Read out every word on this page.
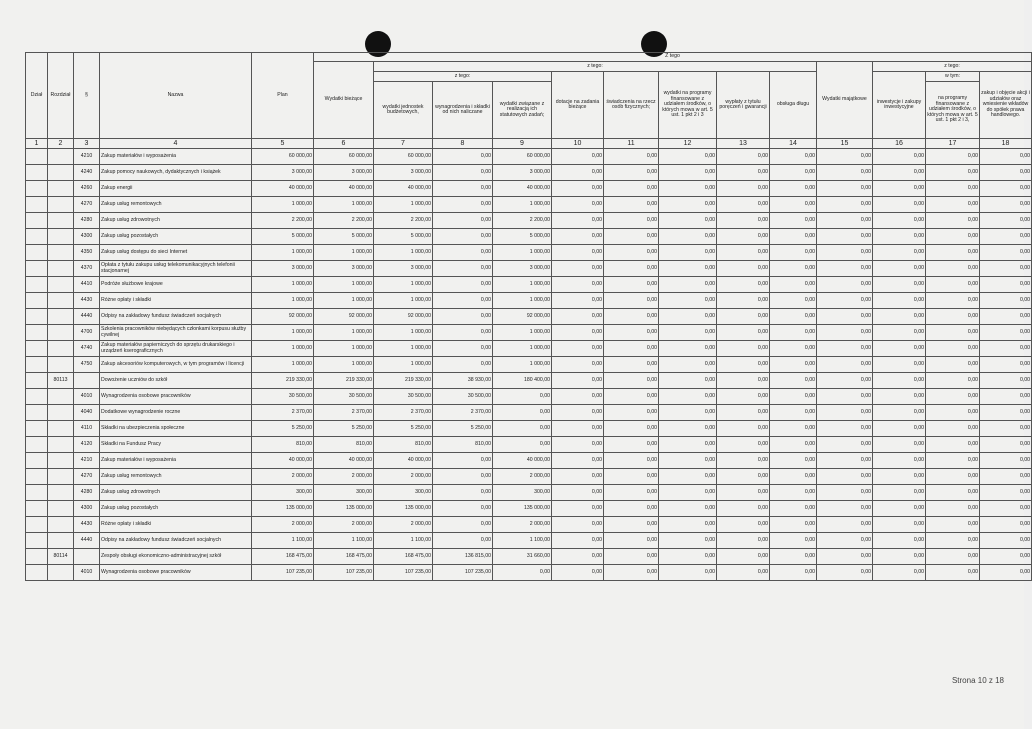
Dział	Rozdział	§	Nazwa	Plan	Z tego												
					Wydatki bieżące	z tego:								Wydatki majątkowe	z tego:		
						z tego:			dotacje na zadania bieżące	świadczenia na rzecz osób fizycznych;	wydatki na programy finansowane z udziałem środków, o których mowa w art. 5 ust. 1 pkt 2 i 3	wypłaty z tytułu poręczeń i gwarancji	obsługa długu		inwestycje i zakupy inwestycyjne	w tym:	zakup i objęcie akcji i udziałów oraz wniesienie wkładów do spółek prawa handlowego.
						wydatki jednostek budżetowych,	wynagrodzenia i składki od nich naliczane	wydatki związane z realizacją ich statutowych zadań;								na programy finansowane z udziałem środków, o których mowa w art. 5 ust. 1 pkt 2 i 3,	

1	2	3	4	5	6	7	8	9	10	11	12	13	14	15	16	17	18
		4210	Zakup materiałów i wyposażenia	60 000,00	60 000,00	60 000,00	0,00	60 000,00	0,00	0,00	0,00	0,00	0,00	0,00	0,00	0,00	0,00
		4240	Zakup pomocy naukowych, dydaktycznych i książek	3 000,00	3 000,00	3 000,00	0,00	3 000,00	0,00	0,00	0,00	0,00	0,00	0,00	0,00	0,00	0,00
		4260	Zakup energii	40 000,00	40 000,00	40 000,00	0,00	40 000,00	0,00	0,00	0,00	0,00	0,00	0,00	0,00	0,00	0,00
		4270	Zakup usług remontowych	1 000,00	1 000,00	1 000,00	0,00	1 000,00	0,00	0,00	0,00	0,00	0,00	0,00	0,00	0,00	0,00
		4280	Zakup usług zdrowotnych	2 200,00	2 200,00	2 200,00	0,00	2 200,00	0,00	0,00	0,00	0,00	0,00	0,00	0,00	0,00	0,00
		4300	Zakup usług pozostałych	5 000,00	5 000,00	5 000,00	0,00	5 000,00	0,00	0,00	0,00	0,00	0,00	0,00	0,00	0,00	0,00
		4350	Zakup usług dostępu do sieci Internet	1 000,00	1 000,00	1 000,00	0,00	1 000,00	0,00	0,00	0,00	0,00	0,00	0,00	0,00	0,00	0,00
		4370	Opłata z tytułu zakupu usług telekomunikacyjnych telefonii stacjonarnej	3 000,00	3 000,00	3 000,00	0,00	3 000,00	0,00	0,00	0,00	0,00	0,00	0,00	0,00	0,00	0,00
		4410	Podróże służbowe krajowe	1 000,00	1 000,00	1 000,00	0,00	1 000,00	0,00	0,00	0,00	0,00	0,00	0,00	0,00	0,00	0,00
		4430	Różne opłaty i składki	1 000,00	1 000,00	1 000,00	0,00	1 000,00	0,00	0,00	0,00	0,00	0,00	0,00	0,00	0,00	0,00
		4440	Odpisy na zakładowy fundusz świadczeń socjalnych	92 000,00	92 000,00	92 000,00	0,00	92 000,00	0,00	0,00	0,00	0,00	0,00	0,00	0,00	0,00	0,00
		4700	Szkolenia pracowników niebędących członkami korpusu służby cywilnej	1 000,00	1 000,00	1 000,00	0,00	1 000,00	0,00	0,00	0,00	0,00	0,00	0,00	0,00	0,00	0,00
		4740	Zakup materiałów papierniczych do sprzętu drukarskiego i urządzeń kserograficznych	1 000,00	1 000,00	1 000,00	0,00	1 000,00	0,00	0,00	0,00	0,00	0,00	0,00	0,00	0,00	0,00
		4750	Zakup akcesoriów komputerowych, w tym programów i licencji	1 000,00	1 000,00	1 000,00	0,00	1 000,00	0,00	0,00	0,00	0,00	0,00	0,00	0,00	0,00	0,00
	80113		Dowożenie uczniów do szkół	219 330,00	219 330,00	219 330,00	38 930,00	180 400,00	0,00	0,00	0,00	0,00	0,00	0,00	0,00	0,00	0,00
		4010	Wynagrodzenia osobowe pracowników	30 500,00	30 500,00	30 500,00	30 500,00	0,00	0,00	0,00	0,00	0,00	0,00	0,00	0,00	0,00	0,00
		4040	Dodatkowe wynagrodzenie roczne	2 370,00	2 370,00	2 370,00	2 370,00	0,00	0,00	0,00	0,00	0,00	0,00	0,00	0,00	0,00	0,00
		4110	Składki na ubezpieczenia społeczne	5 250,00	5 250,00	5 250,00	5 250,00	0,00	0,00	0,00	0,00	0,00	0,00	0,00	0,00	0,00	0,00
		4120	Składki na Fundusz Pracy	810,00	810,00	810,00	810,00	0,00	0,00	0,00	0,00	0,00	0,00	0,00	0,00	0,00	0,00
		4210	Zakup materiałów i wyposażenia	40 000,00	40 000,00	40 000,00	0,00	40 000,00	0,00	0,00	0,00	0,00	0,00	0,00	0,00	0,00	0,00
		4270	Zakup usług remontowych	2 000,00	2 000,00	2 000,00	0,00	2 000,00	0,00	0,00	0,00	0,00	0,00	0,00	0,00	0,00	0,00
		4280	Zakup usług zdrowotnych	300,00	300,00	300,00	0,00	300,00	0,00	0,00	0,00	0,00	0,00	0,00	0,00	0,00	0,00
		4300	Zakup usług pozostałych	135 000,00	135 000,00	135 000,00	0,00	135 000,00	0,00	0,00	0,00	0,00	0,00	0,00	0,00	0,00	0,00
		4430	Różne opłaty i składki	2 000,00	2 000,00	2 000,00	0,00	2 000,00	0,00	0,00	0,00	0,00	0,00	0,00	0,00	0,00	0,00
		4440	Odpisy na zakładowy fundusz świadczeń socjalnych	1 100,00	1 100,00	1 100,00	0,00	1 100,00	0,00	0,00	0,00	0,00	0,00	0,00	0,00	0,00	0,00
	80114		Zespoły obsługi ekonomiczno-administracyjnej szkół	168 475,00	168 475,00	168 475,00	136 815,00	31 660,00	0,00	0,00	0,00	0,00	0,00	0,00	0,00	0,00	0,00
		4010	Wynagrodzenia osobowe pracowników	107 235,00	107 235,00	107 235,00	107 235,00	0,00	0,00	0,00	0,00	0,00	0,00	0,00	0,00	0,00	0,00
Strona 10 z 18
